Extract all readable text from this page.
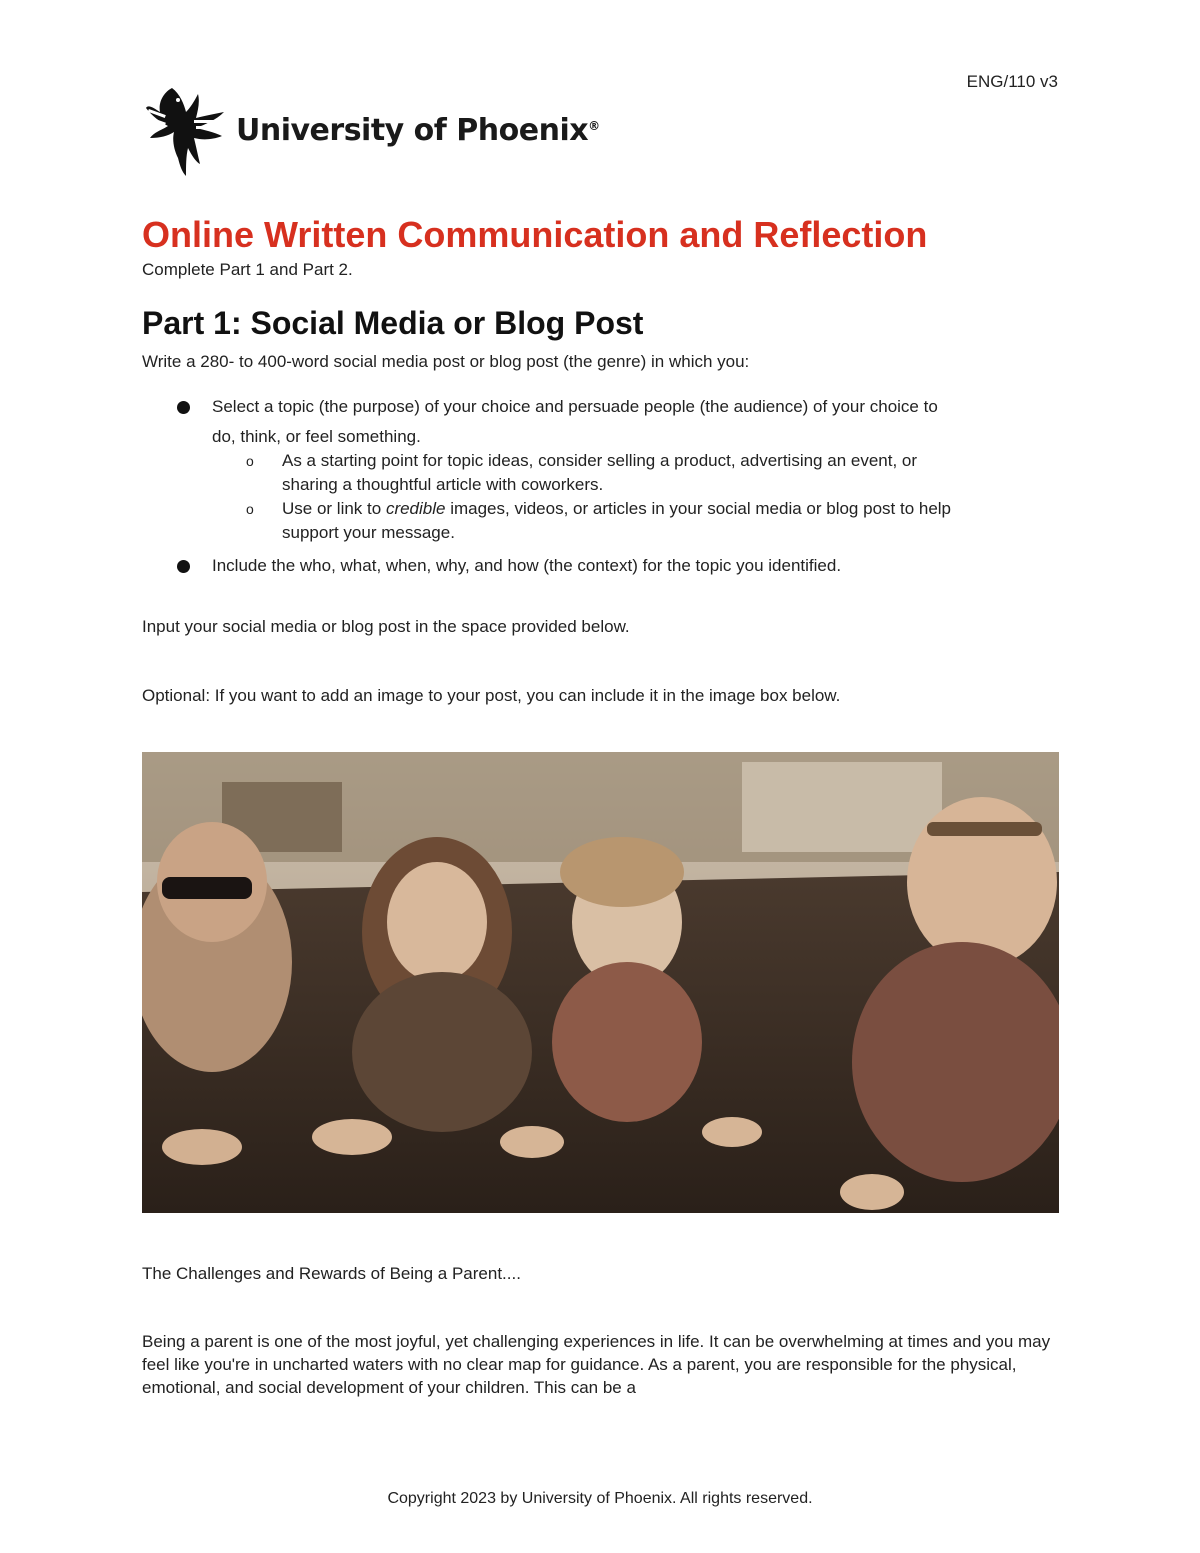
ENG/110 v3
University of Phoenix®
Online Written Communication and Reflection
Complete Part 1 and Part 2.
Part 1: Social Media or Blog Post
Write a 280- to 400-word social media post or blog post (the genre) in which you:
Select a topic (the purpose) of your choice and persuade people (the audience) of your choice to
do, think, or feel something.
o As a starting point for topic ideas, consider selling a product, advertising an event, or
sharing a thoughtful article with coworkers.
o Use or link to credible images, videos, or articles in your social media or blog post to help
support your message.
Include the who, what, when, why, and how (the context) for the topic you identified.
Input your social media or blog post in the space provided below.
Optional: If you want to add an image to your post, you can include it in the image box below.
The Challenges and Rewards of Being a Parent....
Being a parent is one of the most joyful, yet challenging experiences in life. It can be overwhelming at times and you may feel like you're in uncharted waters with no clear map for guidance. As a parent, you are responsible for the physical, emotional, and social development of your children. This can be a
Copyright 2023 by University of Phoenix. All rights reserved.
